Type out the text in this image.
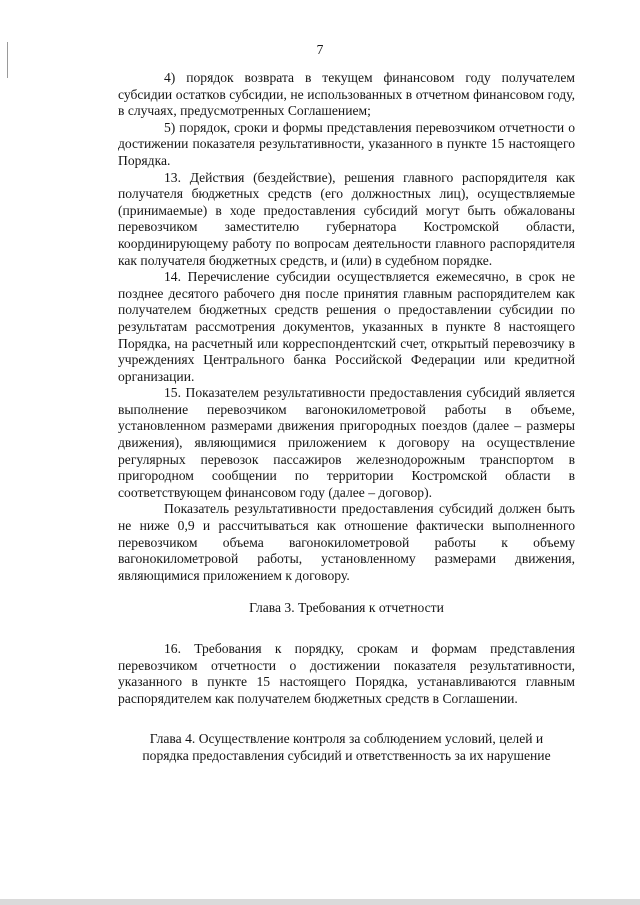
7

4) порядок возврата в текущем финансовом году получателем субсидии остатков субсидии, не использованных в отчетном финансовом году, в случаях, предусмотренных Соглашением;

5) порядок, сроки и формы представления перевозчиком отчетности о достижении показателя результативности, указанного в пункте 15 настоящего Порядка.

13. Действия (бездействие), решения главного распорядителя как получателя бюджетных средств (его должностных лиц), осуществляемые (принимаемые) в ходе предоставления субсидий могут быть обжалованы перевозчиком заместителю губернатора Костромской области, координирующему работу по вопросам деятельности главного распорядителя как получателя бюджетных средств, и (или) в судебном порядке.

14. Перечисление субсидии осуществляется ежемесячно, в срок не позднее десятого рабочего дня после принятия главным распорядителем как получателем бюджетных средств решения о предоставлении субсидии по результатам рассмотрения документов, указанных в пункте 8 настоящего Порядка, на расчетный или корреспондентский счет, открытый перевозчику в учреждениях Центрального банка Российской Федерации или кредитной организации.

15. Показателем результативности предоставления субсидий является выполнение перевозчиком вагонокилометровой работы в объеме, установленном размерами движения пригородных поездов (далее – размеры движения), являющимися приложением к договору на осуществление регулярных перевозок пассажиров железнодорожным транспортом в пригородном сообщении по территории Костромской области в соответствующем финансовом году (далее – договор).

Показатель результативности предоставления субсидий должен быть не ниже 0,9 и рассчитываться как отношение фактически выполненного перевозчиком объема вагонокилометровой работы к объему вагонокилометровой работы, установленному размерами движения, являющимися приложением к договору.

Глава 3. Требования к отчетности

16. Требования к порядку, срокам и формам представления перевозчиком отчетности о достижении показателя результативности, указанного в пункте 15 настоящего Порядка, устанавливаются главным распорядителем как получателем бюджетных средств в Соглашении.

Глава 4. Осуществление контроля за соблюдением условий, целей и
порядка предоставления субсидий и ответственность за их нарушение
